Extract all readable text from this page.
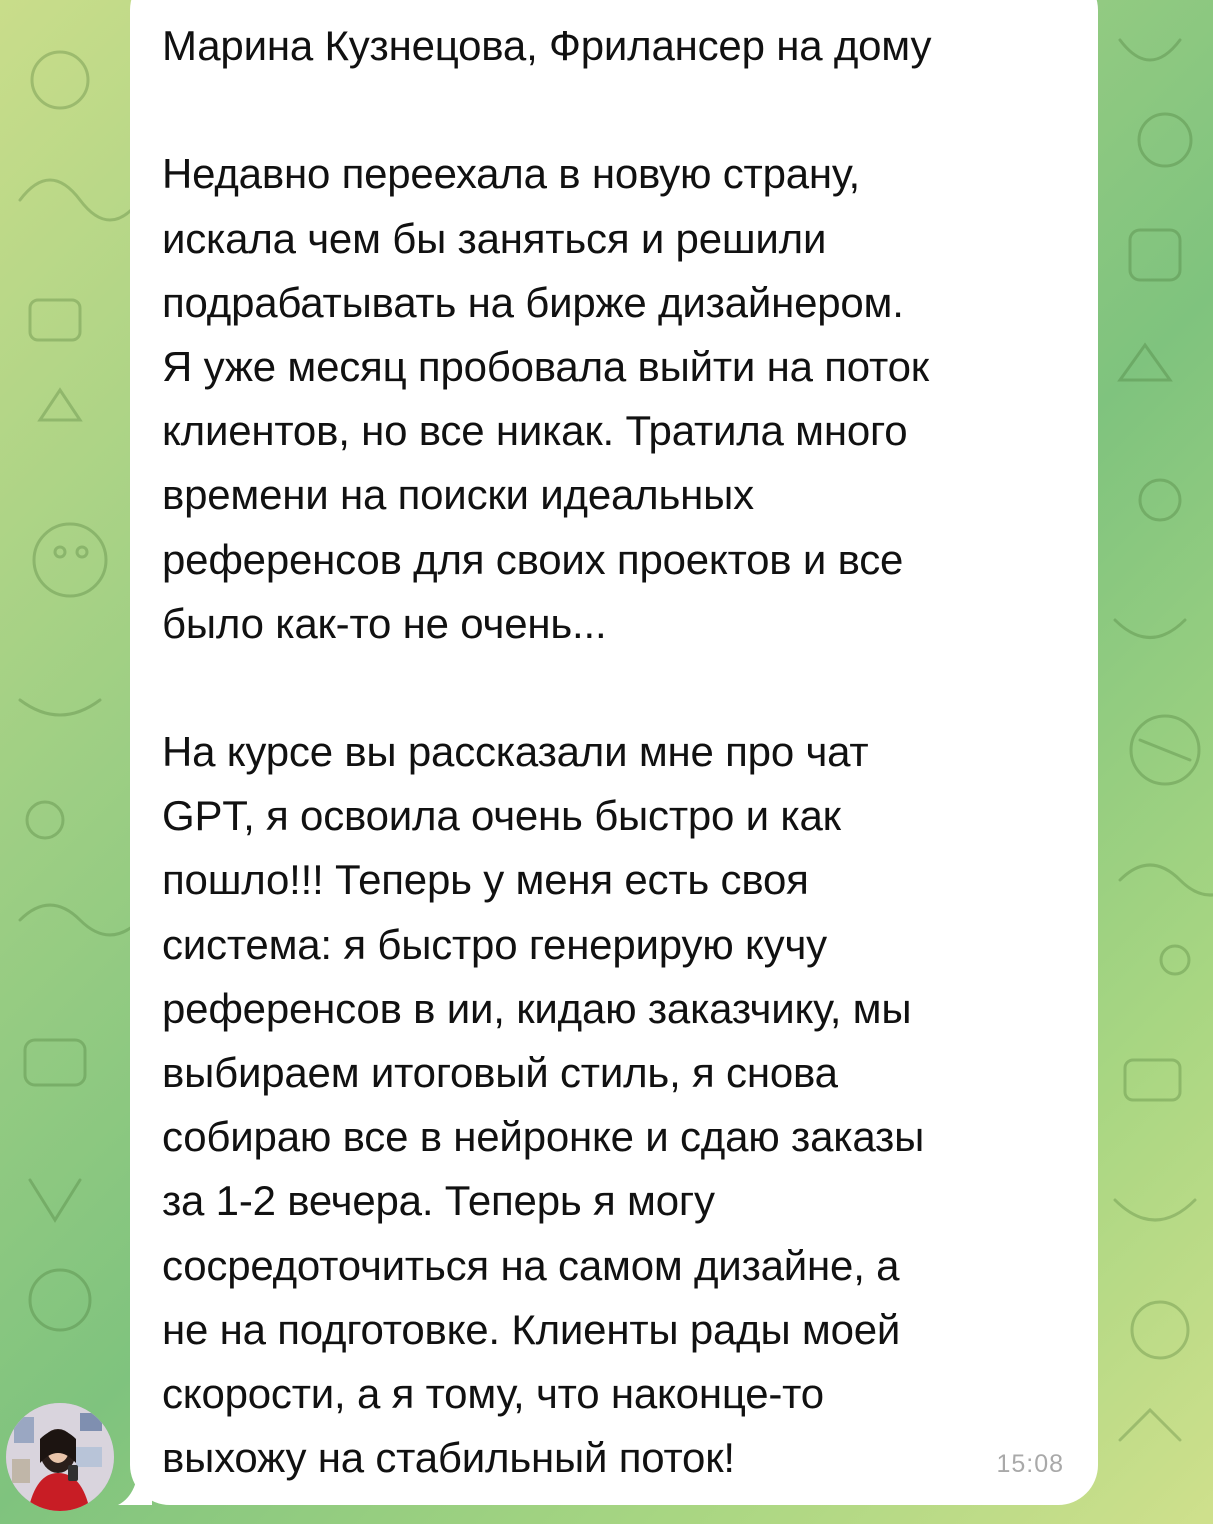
Марина Кузнецова, Фрилансер на дому
Недавно переехала в новую страну,
искала чем бы заняться и решили
подрабатывать на бирже дизайнером.
Я уже месяц пробовала выйти на поток
клиентов, но все никак. Тратила много
времени на поиски идеальных
референсов для своих проектов и все
было как-то не очень...
На курсе вы рассказали мне про чат
GPT, я освоила очень быстро и как
пошло!!! Теперь у меня есть своя
система: я быстро генерирую кучу
референсов в ии, кидаю заказчику, мы
выбираем итоговый стиль, я снова
собираю все в нейронке и сдаю заказы
за 1-2 вечера. Теперь я могу
сосредоточиться на самом дизайне, а
не на подготовке. Клиенты рады моей
скорости, а я тому, что наконце-то
выхожу на стабильный поток!	15:08
